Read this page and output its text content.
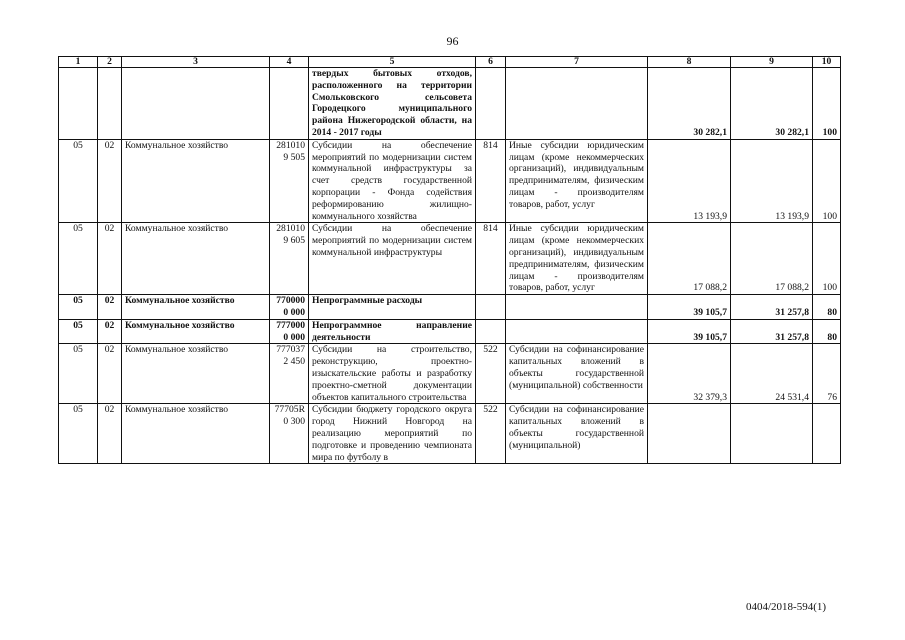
96
1	2	3	4	5	6	7	8	9	10
				твердых бытовых отходов, расположенного на территории Смольковского сельсовета Городецкого муниципального района Нижегородской области, на 2014 - 2017 годы			30 282,1	30 282,1	100
05	02	Коммунальное хозяйство	2810109 505	Субсидии на обеспечение мероприятий по модернизации систем коммунальной инфраструктуры за счет средств государственной корпорации - Фонда содействия реформированию жилищно-коммунального хозяйства	814	Иные субсидии юридическим лицам (кроме некоммерческих организаций), индивидуальным предпринимателям, физическим лицам - производителям товаров, работ, услуг	13 193,9	13 193,9	100
05	02	Коммунальное хозяйство	2810109 605	Субсидии на обеспечение мероприятий по модернизации систем коммунальной инфраструктуры	814	Иные субсидии юридическим лицам (кроме некоммерческих организаций), индивидуальным предпринимателям, физическим лицам - производителям товаров, работ, услуг	17 088,2	17 088,2	100
05	02	Коммунальное хозяйство	7700000 000	Непрограммные расходы			39 105,7	31 257,8	80
05	02	Коммунальное хозяйство	7770000 000	Непрограммное направление деятельности			39 105,7	31 257,8	80
05	02	Коммунальное хозяйство	7770372 450	Субсидии на строительство, реконструкцию, проектно-изыскательские работы и разработку проектно-сметной документации объектов капитального строительства	522	Субсидии на софинансирование капитальных вложений в объекты государственной (муниципальной) собственности	32 379,3	24 531,4	76
05	02	Коммунальное хозяйство	77705R0 300	Субсидии бюджету городского округа город Нижний Новгород на реализацию мероприятий по подготовке и проведению чемпионата мира по футболу в	522	Субсидии на софинансирование капитальных вложений в объекты государственной (муниципальной)			
0404/2018-594(1)
